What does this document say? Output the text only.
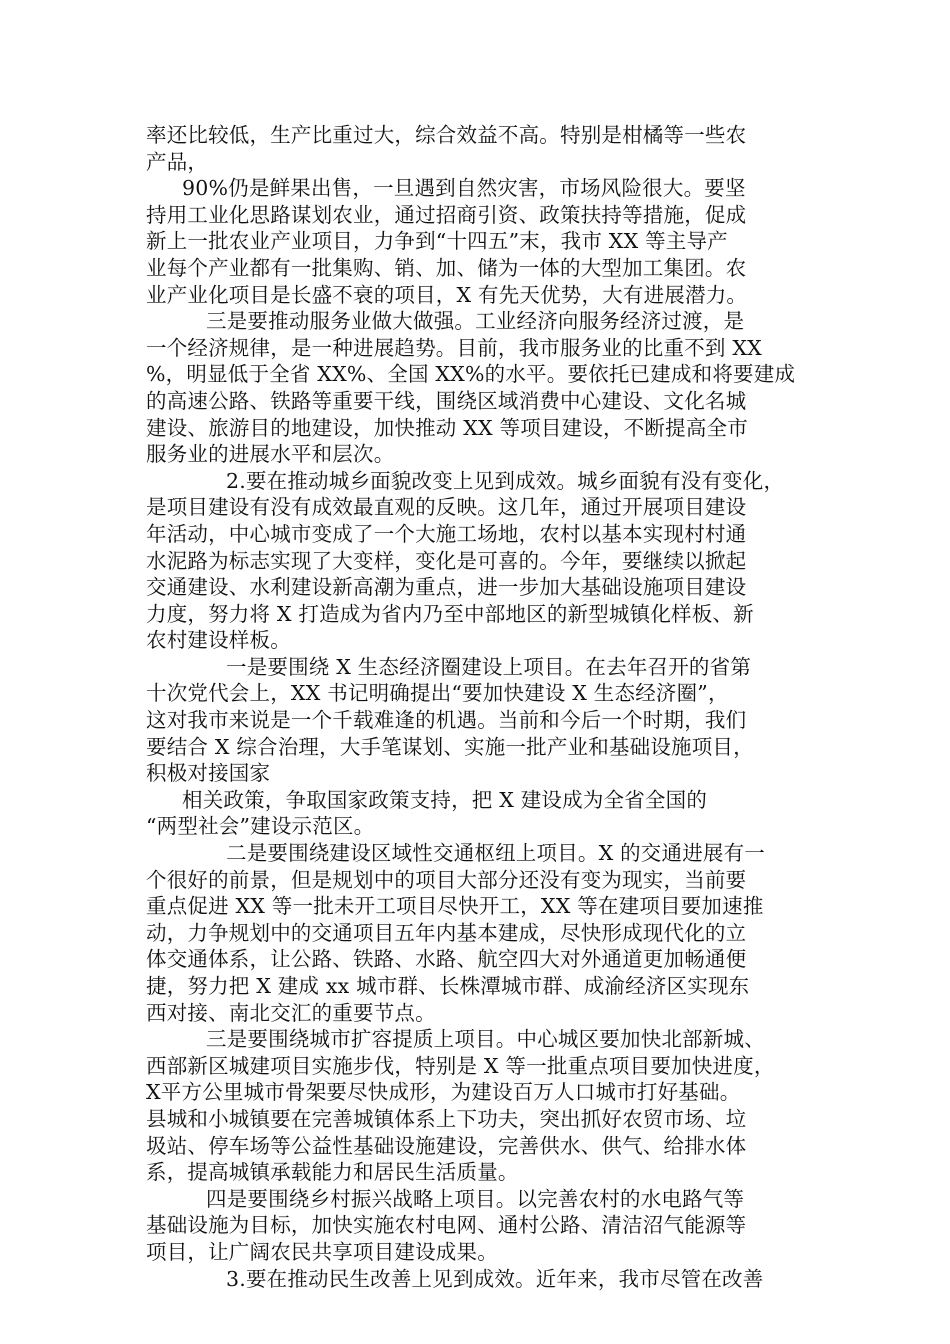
率还比较低，生产比重过大，综合效益不高。特别是柑橘等一些农
产品，
90%仍是鲜果出售，一旦遇到自然灾害，市场风险很大。要坚
持用工业化思路谋划农业，通过招商引资、政策扶持等措施，促成
新上一批农业产业项目，力争到“十四五”末，我市 XX 等主导产
业每个产业都有一批集购、销、加、储为一体的大型加工集团。农
业产业化项目是长盛不衰的项目，X 有先天优势，大有进展潜力。
三是要推动服务业做大做强。工业经济向服务经济过渡，是
一个经济规律，是一种进展趋势。目前，我市服务业的比重不到 XX
%，明显低于全省 XX%、全国 XX%的水平。要依托已建成和将要建成
的高速公路、铁路等重要干线，围绕区域消费中心建设、文化名城
建设、旅游目的地建设，加快推动 XX 等项目建设，不断提高全市
服务业的进展水平和层次。
2.要在推动城乡面貌改变上见到成效。城乡面貌有没有变化，
是项目建设有没有成效最直观的反映。这几年，通过开展项目建设
年活动，中心城市变成了一个大施工场地，农村以基本实现村村通
水泥路为标志实现了大变样，变化是可喜的。今年，要继续以掀起
交通建设、水利建设新高潮为重点，进一步加大基础设施项目建设
力度，努力将 X 打造成为省内乃至中部地区的新型城镇化样板、新
农村建设样板。
一是要围绕 X 生态经济圈建设上项目。在去年召开的省第
十次党代会上，XX 书记明确提出“要加快建设 X 生态经济圈”，
这对我市来说是一个千载难逢的机遇。当前和今后一个时期，我们
要结合 X 综合治理，大手笔谋划、实施一批产业和基础设施项目，
积极对接国家
相关政策，争取国家政策支持，把 X 建设成为全省全国的
“两型社会”建设示范区。
二是要围绕建设区域性交通枢纽上项目。X 的交通进展有一
个很好的前景，但是规划中的项目大部分还没有变为现实，当前要
重点促进 XX 等一批未开工项目尽快开工，XX 等在建项目要加速推
动，力争规划中的交通项目五年内基本建成，尽快形成现代化的立
体交通体系，让公路、铁路、水路、航空四大对外通道更加畅通便
捷，努力把 X 建成 xx 城市群、长株潭城市群、成渝经济区实现东
西对接、南北交汇的重要节点。
三是要围绕城市扩容提质上项目。中心城区要加快北部新城、
西部新区城建项目实施步伐，特别是 X 等一批重点项目要加快进度，
X平方公里城市骨架要尽快成形，为建设百万人口城市打好基础。
县城和小城镇要在完善城镇体系上下功夫，突出抓好农贸市场、垃
圾站、停车场等公益性基础设施建设，完善供水、供气、给排水体
系，提高城镇承载能力和居民生活质量。
四是要围绕乡村振兴战略上项目。以完善农村的水电路气等
基础设施为目标，加快实施农村电网、通村公路、清洁沼气能源等
项目，让广阔农民共享项目建设成果。
3.要在推动民生改善上见到成效。近年来，我市尽管在改善
